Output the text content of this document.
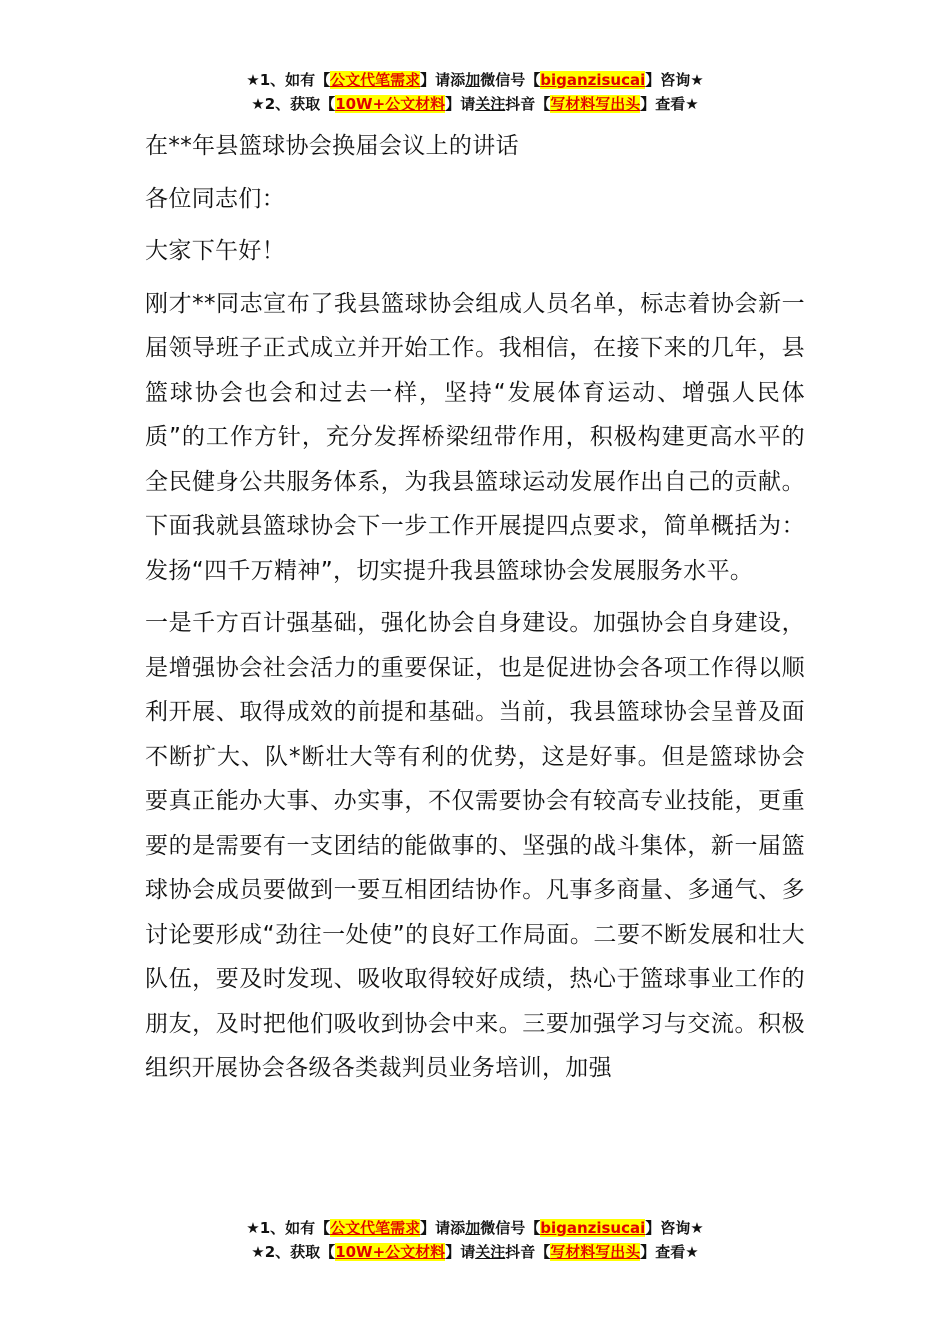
★1、如有【公文代笔需求】请添加微信号【biganzisucai】咨询★
★2、获取【10W+公文材料】请关注抖音【写材料写出头】查看★

在**年县篮球协会换届会议上的讲话

各位同志们：

大家下午好！

刚才**同志宣布了我县篮球协会组成人员名单，标志着协会新一届领导班子正式成立并开始工作。我相信，在接下来的几年，县篮球协会也会和过去一样，坚持“发展体育运动、增强人民体质”的工作方针，充分发挥桥梁纽带作用，积极构建更高水平的全民健身公共服务体系，为我县篮球运动发展作出自己的贡献。下面我就县篮球协会下一步工作开展提四点要求，简单概括为：发扬“四千万精神”，切实提升我县篮球协会发展服务水平。

一是千方百计强基础，强化协会自身建设。加强协会自身建设，是增强协会社会活力的重要保证，也是促进协会各项工作得以顺利开展、取得成效的前提和基础。当前，我县篮球协会呈普及面不断扩大、队*断壮大等有利的优势，这是好事。但是篮球协会要真正能办大事、办实事，不仅需要协会有较高专业技能，更重要的是需要有一支团结的能做事的、坚强的战斗集体，新一届篮球协会成员要做到一要互相团结协作。凡事多商量、多通气、多讨论要形成“劲往一处使”的良好工作局面。二要不断发展和壮大队伍，要及时发现、吸收取得较好成绩，热心于篮球事业工作的朋友，及时把他们吸收到协会中来。三要加强学习与交流。积极组织开展协会各级各类裁判员业务培训，加强

★1、如有【公文代笔需求】请添加微信号【biganzisucai】咨询★
★2、获取【10W+公文材料】请关注抖音【写材料写出头】查看★
